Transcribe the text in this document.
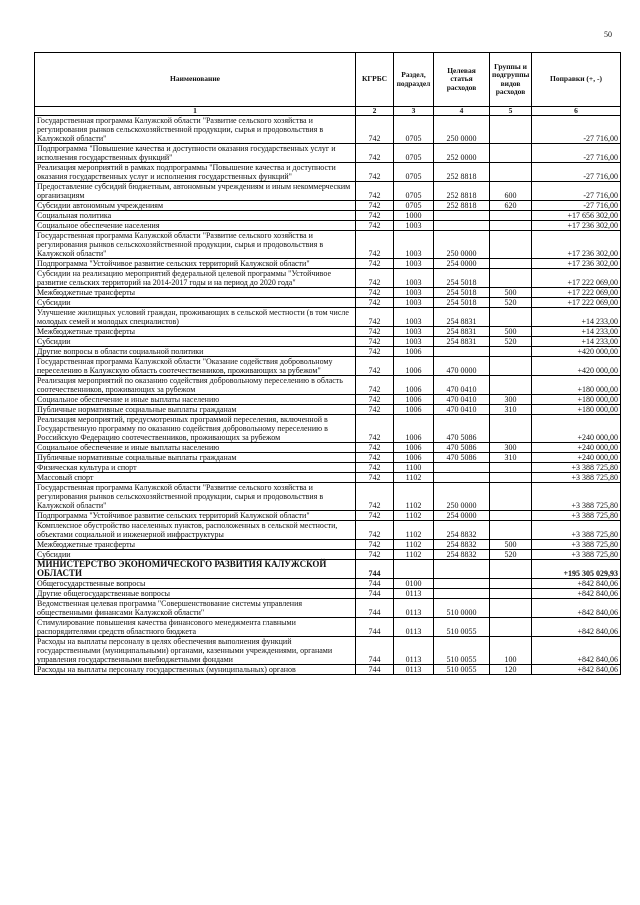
50
Наименование	КГРБС	Раздел, подраздел	Целевая статья расходов	Группы и подгруппы видов расходов	Поправки (+, -)
1	2	3	4	5	6
Государственная программа Калужской области "Развитие сельского хозяйства и регулирования рынков сельскохозяйственной продукции, сырья и продовольствия в Калужской области"	742	0705	250 0000		-27 716,00
Подпрограмма "Повышение качества и доступности оказания государственных услуг и исполнения государственных функций"	742	0705	252 0000		-27 716,00
Реализация мероприятий в рамках подпрограммы "Повышение качества и доступности оказания государственных услуг и исполнения государственных функций"	742	0705	252 8818		-27 716,00
Предоставление субсидий бюджетным, автономным учреждениям и иным некоммерческим организациям	742	0705	252 8818	600	-27 716,00
Субсидии автономным учреждениям	742	0705	252 8818	620	-27 716,00
Социальная политика	742	1000			+17 656 302,00
Социальное обеспечение населения	742	1003			+17 236 302,00
Государственная программа Калужской области "Развитие сельского хозяйства и регулирования рынков сельскохозяйственной продукции, сырья и продовольствия в Калужской области"	742	1003	250 0000		+17 236 302,00
Подпрограмма "Устойчивое развитие сельских территорий Калужской области"	742	1003	254 0000		+17 236 302,00
Субсидии на реализацию мероприятий федеральной целевой программы "Устойчивое развитие сельских территорий на 2014-2017 годы и на период до 2020 года"	742	1003	254 5018		+17 222 069,00
Межбюджетные трансферты	742	1003	254 5018	500	+17 222 069,00
Субсидии	742	1003	254 5018	520	+17 222 069,00
Улучшение жилищных условий граждан, проживающих в сельской местности (в том числе молодых семей и молодых специалистов)	742	1003	254 8831		+14 233,00
Межбюджетные трансферты	742	1003	254 8831	500	+14 233,00
Субсидии	742	1003	254 8831	520	+14 233,00
Другие вопросы в области социальной политики	742	1006			+420 000,00
Государственная программа Калужской области "Оказание содействия добровольному переселению в Калужскую область соотечественников, проживающих за рубежом"	742	1006	470 0000		+420 000,00
Реализация мероприятий по оказанию содействия добровольному переселению в область соотечественников, проживающих за рубежом	742	1006	470 0410		+180 000,00
Социальное обеспечение и иные выплаты населению	742	1006	470 0410	300	+180 000,00
Публичные нормативные социальные выплаты гражданам	742	1006	470 0410	310	+180 000,00
Реализация мероприятий, предусмотренных программой переселения, включенной в Государственную программу по оказанию содействия добровольному переселению в Российскую Федерацию соотечественников, проживающих за рубежом	742	1006	470 5086		+240 000,00
Социальное обеспечение и иные выплаты населению	742	1006	470 5086	300	+240 000,00
Публичные нормативные социальные выплаты гражданам	742	1006	470 5086	310	+240 000,00
Физическая культура и спорт	742	1100			+3 388 725,80
Массовый спорт	742	1102			+3 388 725,80
Государственная программа Калужской области "Развитие сельского хозяйства и регулирования рынков сельскохозяйственной продукции, сырья и продовольствия в Калужской области"	742	1102	250 0000		+3 388 725,80
Подпрограмма "Устойчивое развитие сельских территорий Калужской области"	742	1102	254 0000		+3 388 725,80
Комплексное обустройство населенных пунктов, расположенных в сельской местности, объектами социальной и инженерной инфраструктуры	742	1102	254 8832		+3 388 725,80
Межбюджетные трансферты	742	1102	254 8832	500	+3 388 725,80
Субсидии	742	1102	254 8832	520	+3 388 725,80
МИНИСТЕРСТВО ЭКОНОМИЧЕСКОГО РАЗВИТИЯ КАЛУЖСКОЙ ОБЛАСТИ	744				+195 305 029,93
Общегосударственные вопросы	744	0100			+842 840,06
Другие общегосударственные вопросы	744	0113			+842 840,06
Ведомственная целевая программа "Совершенствование системы управления общественными финансами Калужской области"	744	0113	510 0000		+842 840,06
Стимулирование повышения качества финансового менеджмента главными распорядителями средств областного бюджета	744	0113	510 0055		+842 840,06
Расходы на выплаты персоналу в целях обеспечения выполнения функций государственными (муниципальными) органами, казенными учреждениями, органами управления государственными внебюджетными фондами	744	0113	510 0055	100	+842 840,06
Расходы на выплаты персоналу государственных (муниципальных) органов	744	0113	510 0055	120	+842 840,06
